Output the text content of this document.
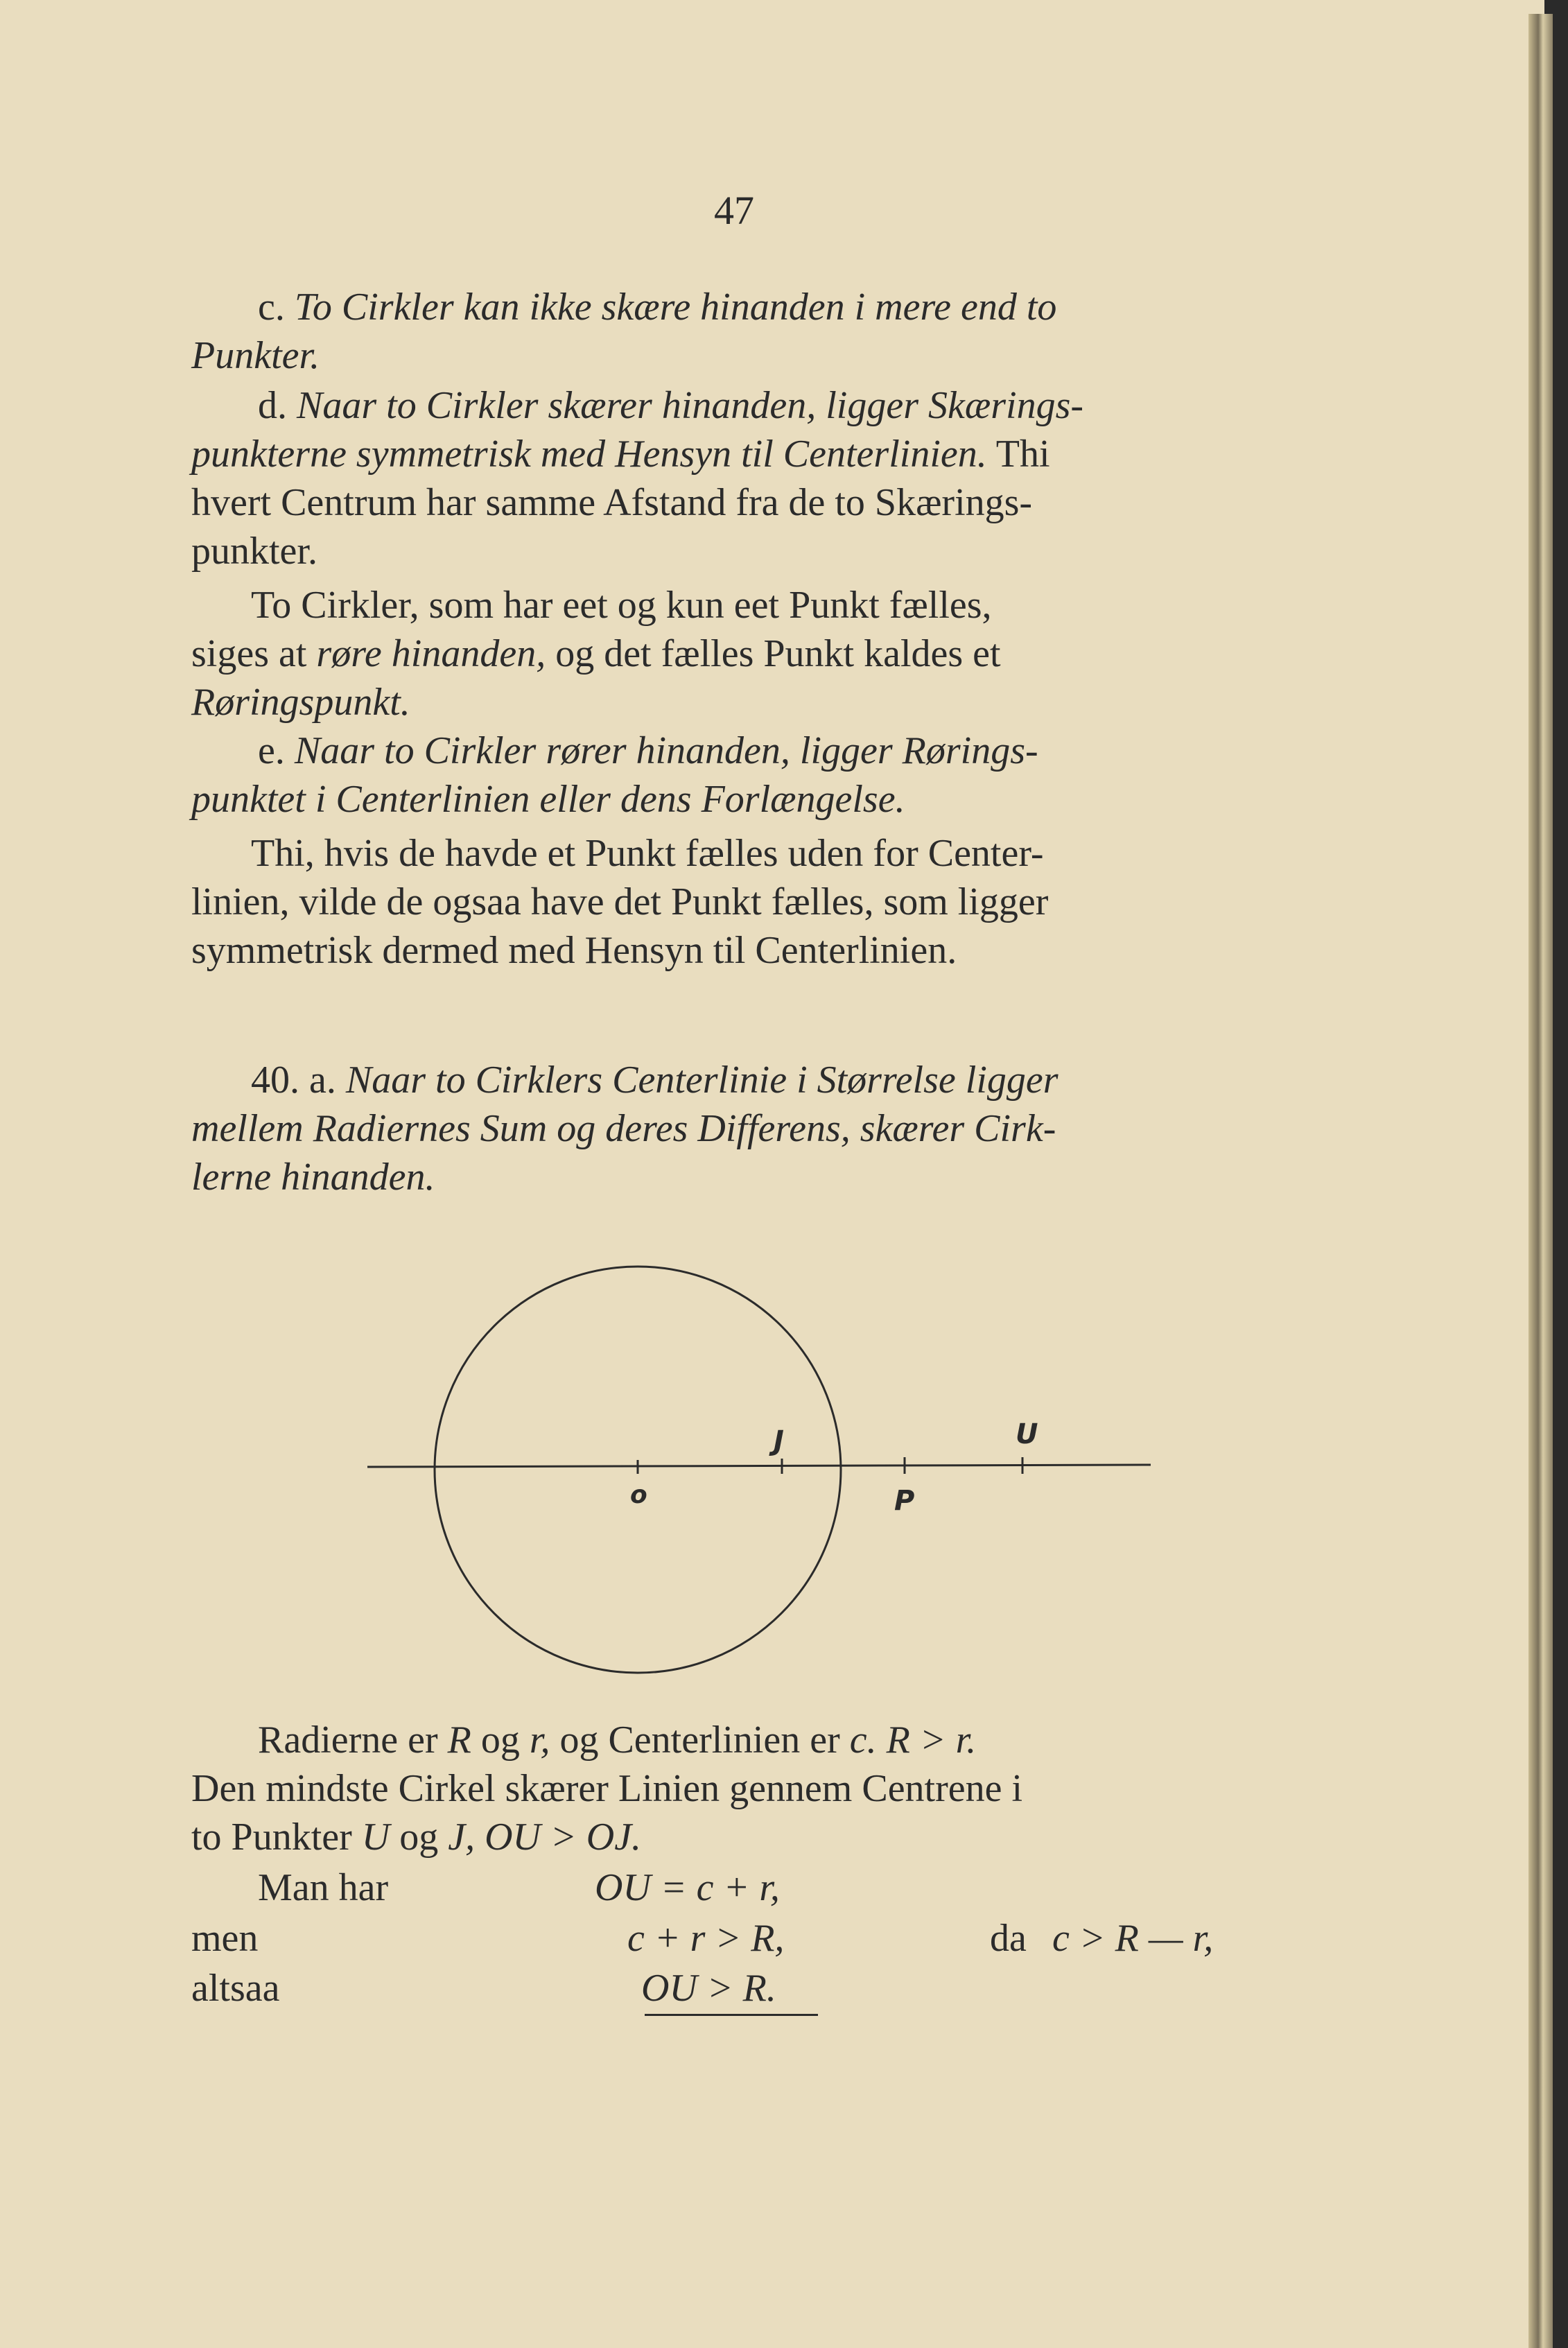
47
c. To Cirkler kan ikke skære hinanden i mere end to
Punkter.
d. Naar to Cirkler skærer hinanden, ligger Skærings-
punkterne symmetrisk med Hensyn til Centerlinien. Thi
hvert Centrum har samme Afstand fra de to Skærings-
punkter.
To Cirkler, som har eet og kun eet Punkt fælles,
siges at røre hinanden, og det fælles Punkt kaldes et
Røringspunkt.
e. Naar to Cirkler rører hinanden, ligger Rørings-
punktet i Centerlinien eller dens Forlængelse.
Thi, hvis de havde et Punkt fælles uden for Center-
linien, vilde de ogsaa have det Punkt fælles, som ligger
symmetrisk dermed med Hensyn til Centerlinien.
40. a. Naar to Cirklers Centerlinie i Størrelse ligger
mellem Radiernes Sum og deres Differens, skærer Cirk-
lerne hinanden.
J	U
o	P
Radierne er R og r, og Centerlinien er c. R > r.
Den mindste Cirkel skærer Linien gennem Centrene i
to Punkter U og J, OU > OJ.
Man har	OU = c + r,
men	c + r > R,	da c > R — r,
altsaa	OU > R.
